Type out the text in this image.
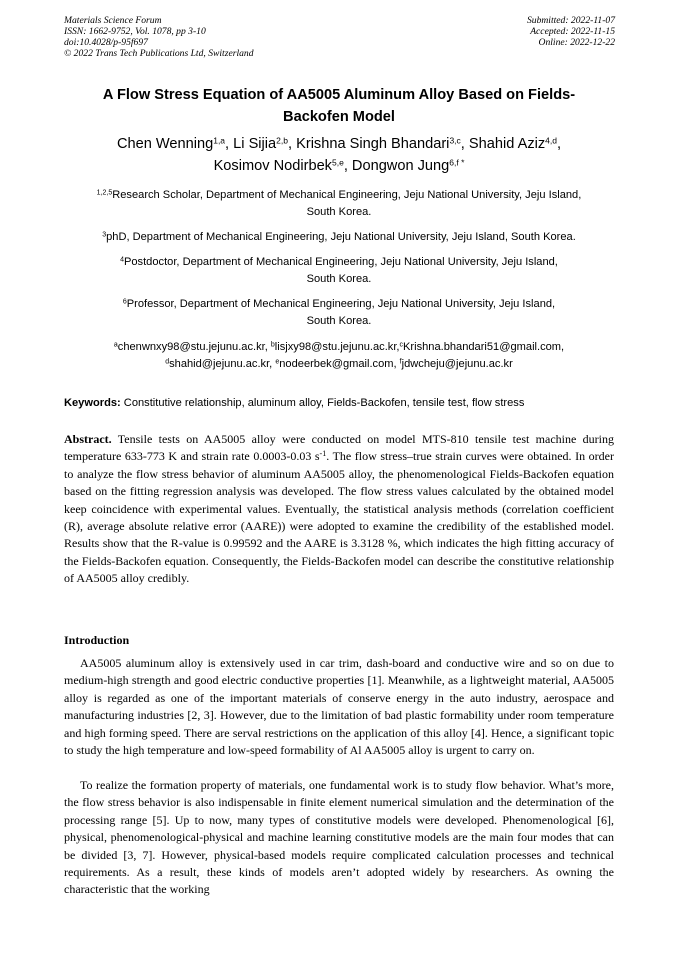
Materials Science Forum
ISSN: 1662-9752, Vol. 1078, pp 3-10
doi:10.4028/p-95f697
© 2022 Trans Tech Publications Ltd, Switzerland
Submitted: 2022-11-07
Accepted: 2022-11-15
Online: 2022-12-22
A Flow Stress Equation of AA5005 Aluminum Alloy Based on Fields-
Backofen Model
Chen Wenning$^{1,a}$, Li Sijia$^{2,b}$, Krishna Singh Bhandari$^{3,c}$, Shahid Aziz$^{4,d}$,
Kosimov Nodirbek$^{5,e}$, Dongwon Jung$^{6,f *}$
$^{1,2,5}$Research Scholar, Department of Mechanical Engineering, Jeju National University, Jeju Island,
South Korea.
$^3$phD, Department of Mechanical Engineering, Jeju National University, Jeju Island, South Korea.
$^4$Postdoctor, Department of Mechanical Engineering, Jeju National University, Jeju Island,
South Korea.
$^6$Professor, Department of Mechanical Engineering, Jeju National University, Jeju Island,
South Korea.
$^a$chenwnxy98@stu.jejunu.ac.kr, $^b$lisjxy98@stu.jejunu.ac.kr,$^c$Krishna.bhandari51@gmail.com,
$^d$shahid@jejunu.ac.kr, $^e$nodeerbek@gmail.com, $^f$jdwcheju@jejunu.ac.kr
Keywords: Constitutive relationship, aluminum alloy, Fields-Backofen, tensile test, flow stress
Abstract. Tensile tests on AA5005 alloy were conducted on model MTS-810 tensile test machine during temperature 633-773 K and strain rate 0.0003-0.03 $s^{-1}$. The flow stress–true strain curves were obtained. In order to analyze the flow stress behavior of aluminum AA5005 alloy, the phenomenological Fields-Backofen equation based on the fitting regression analysis was developed. The flow stress values calculated by the obtained model keep coincidence with experimental values. Eventually, the statistical analysis methods (correlation coefficient (R), average absolute relative error (AARE)) were adopted to examine the credibility of the established model. Results show that the R-value is 0.99592 and the AARE is 3.3128 %, which indicates the high fitting accuracy of the Fields-Backofen equation. Consequently, the Fields-Backofen model can describe the constitutive relationship of AA5005 alloy credibly.
Introduction
AA5005 aluminum alloy is extensively used in car trim, dash-board and conductive wire and so on due to medium-high strength and good electric conductive properties [1]. Meanwhile, as a lightweight material, AA5005 alloy is regarded as one of the important materials of conserve energy in the auto industry, aerospace and manufacturing industries [2, 3]. However, due to the limitation of bad plastic formability under room temperature and high forming speed. There are serval restrictions on the application of this alloy [4]. Hence, a significant topic to study the high temperature and low-speed formability of Al AA5005 alloy is urgent to carry on.
To realize the formation property of materials, one fundamental work is to study flow behavior. What’s more, the flow stress behavior is also indispensable in finite element numerical simulation and the determination of the processing range [5]. Up to now, many types of constitutive models were developed. Phenomenological [6], physical, phenomenological-physical and machine learning constitutive models are the main four modes that can be divided [3, 7]. However, physical-based models require complicated calculation processes and technical requirements. As a result, these kinds of models aren’t adopted widely by researchers. As owning the characteristic that the working
